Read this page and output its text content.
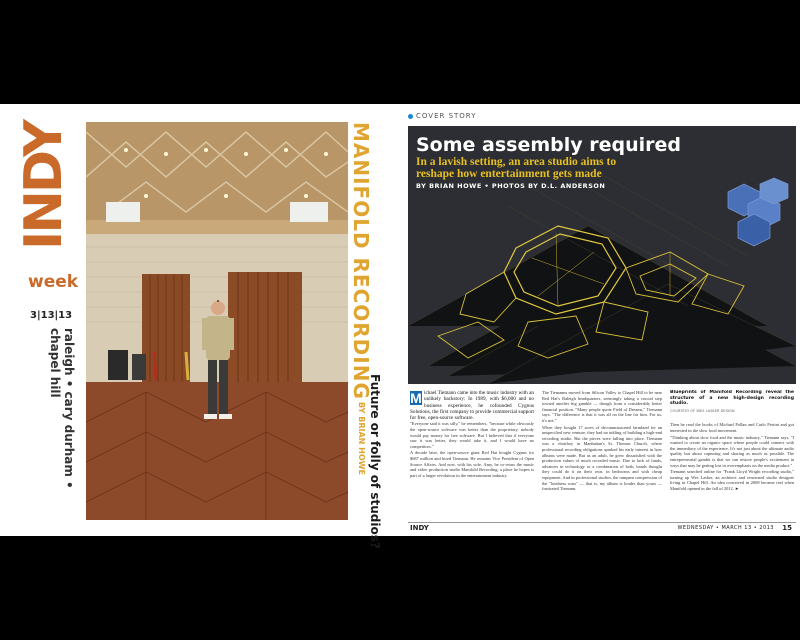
INDY
week
3|13|13
raleigh • cary durham • chapel hill	MANIFOLD RECORDING
Future or folly of studios?
BY BRIAN HOWE
COVER STORY
Some assembly required
In a lavish setting, an area studio aims to reshape how entertainment gets made
BY BRIAN HOWE • PHOTOS BY D.L. ANDERSON
M ichael Tiemann came into the music industry with an unlikely backstory: In 1989, with $6,000 and no business experience, he cofounded Cygnus Solutions, the first company to provide commercial support for free, open-source software.
"Everyone said it was silly," he remembers, "because while obviously the open-source software was better than the proprietary, nobody would pay money for free software. But I believed that if everyone saw it was better, they would take it, and I would have no competitors."
A decade later, the open-source giant Red Hat bought Cygnus for $687 million and hired Tiemann. He remains Vice President of Open Source Affairs. And now, with his wife, Amy, he co-owns the music and video production studio Manifold Recording, a place he hopes is part of a larger revolution in the entertainment industry.
The Tiemanns moved from Silicon Valley to Chapel Hill to be near Red Hat's Raleigh headquarters, seemingly taking a crucial step toward another big gamble — though from a considerably better financial position. "Many people quote Field of Dreams," Tiemann says. "The difference is that it was all on the line for him. For us, it's not."
When they bought 17 acres of decommissioned farmland for an unspecified new venture, they had no inkling of building a high-end recording studio. But the pieces were falling into place. Tiemann was a choirboy in Manhattan's St. Thomas Church, where professional recording obligations sparked his early interest in how albums were made. But as an adult, he grew dissatisfied with the production values of much recorded music. Due to lack of funds, advances in technology or a combination of both, bands thought they could do it on their own, in bedrooms and with cheap equipment. And in professional studios, the rampant compression of the "loudness wars" — that is, my album is louder than yours — frustrated Tiemann.
Blueprints of Manifold Recording reveal the structure of a new high-design recording studio.
COURTESY OF WES LASKER DESIGN
Then he read the books of Michael Pollan and Carlo Petrini and got interested in the slow food movement.
"Thinking about slow food and the music industry," Tiemann says, "I wanted to create an organic space where people could connect with the immediacy of the experience. It's not just about the ultimate audio quality but about capturing and sharing as much as possible. The entrepreneurial gambit is that we can restore people's excitement in ways that may be getting lost in overemphasis on the media product."
Tiemann searched online for "Frank Lloyd Wright recording studio," turning up Wes Lasker, an architect and renowned studio designer living in Chapel Hill. An idea conceived in 2008 became real when Manifold opened in the fall of 2012. ►
INDY	WEDNESDAY • MARCH 13 • 2013 15
